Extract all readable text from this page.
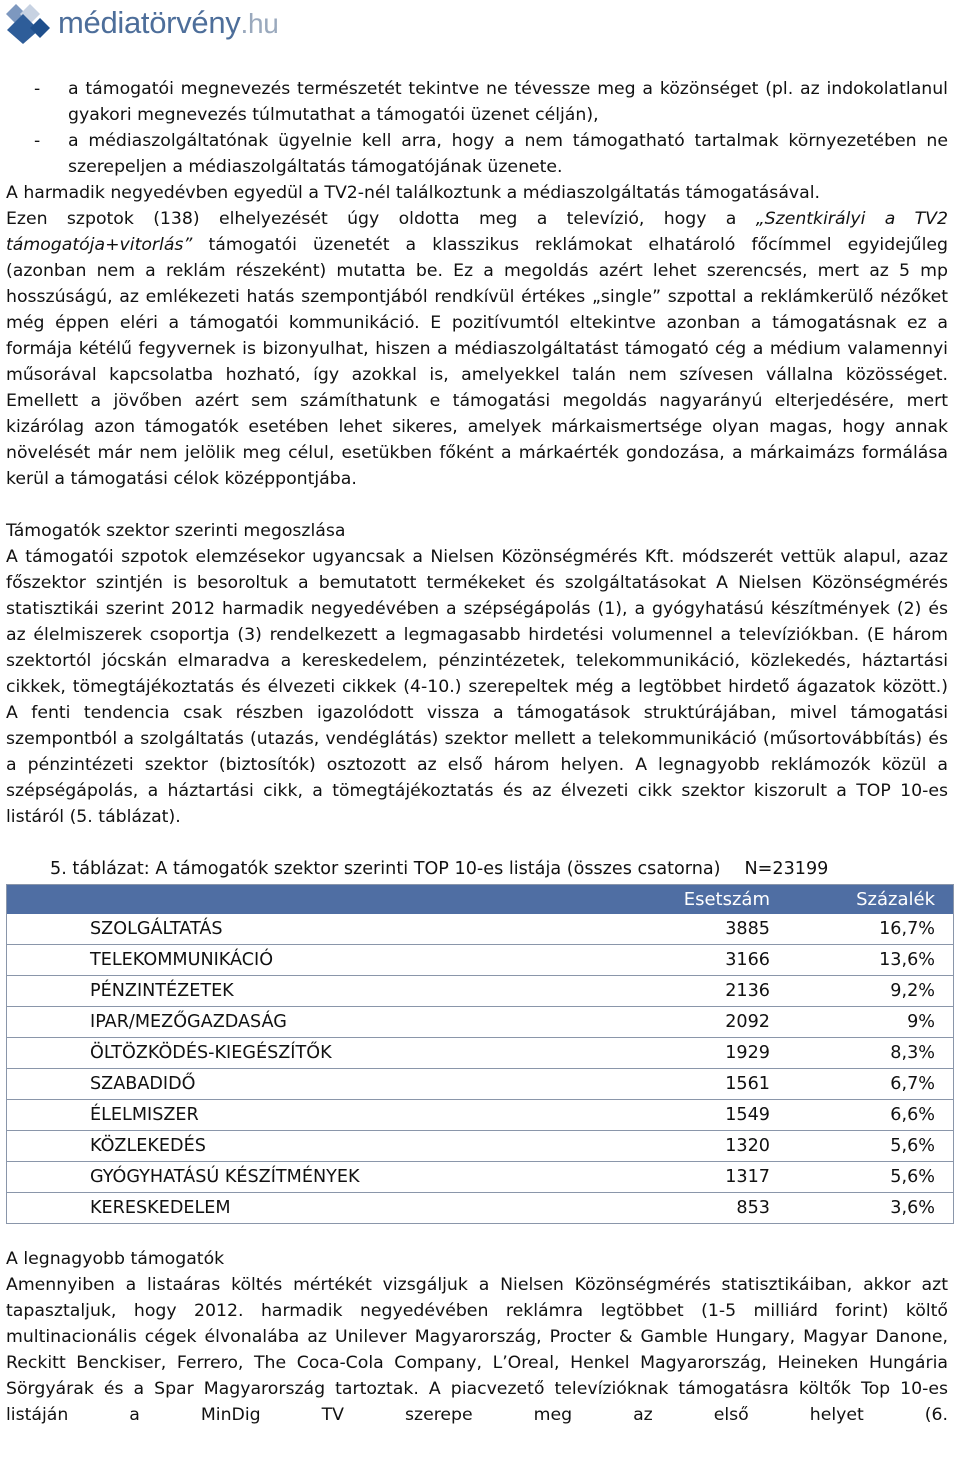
médiatörvény.hu
-	a támogatói megnevezés természetét tekintve ne tévessze meg a közönséget (pl. az indokolatlanul gyakori megnevezés túlmutathat a támogatói üzenet célján),
-	a médiaszolgáltatónak ügyelnie kell arra, hogy a nem támogatható tartalmak környezetében ne szerepeljen a médiaszolgáltatás támogatójának üzenete.

A harmadik negyedévben egyedül a TV2-nél találkoztunk a médiaszolgáltatás támogatásával.

Ezen szpotok (138) elhelyezését úgy oldotta meg a televízió, hogy a „Szentkirályi a TV2 támogatója+vitorlás” támogatói üzenetét a klasszikus reklámokat elhatároló főcímmel egyidejűleg (azonban nem a reklám részeként) mutatta be. Ez a megoldás azért lehet szerencsés, mert az 5 mp hosszúságú, az emlékezeti hatás szempontjából rendkívül értékes „single” szpottal a reklámkerülő nézőket még éppen eléri a támogatói kommunikáció. E pozitívumtól eltekintve azonban a támogatásnak ez a formája kétélű fegyvernek is bizonyulhat, hiszen a médiaszolgáltatást támogató cég a médium valamennyi műsorával kapcsolatba hozható, így azokkal is, amelyekkel talán nem szívesen vállalna közösséget. Emellett a jövőben azért sem számíthatunk e támogatási megoldás nagyarányú elterjedésére, mert kizárólag azon támogatók esetében lehet sikeres, amelyek márkaismertsége olyan magas, hogy annak növelését már nem jelölik meg célul, esetükben főként a márkaérték gondozása, a márkaimázs formálása kerül a támogatási célok középpontjába.

Támogatók szektor szerinti megoszlása

A támogatói szpotok elemzésekor ugyancsak a Nielsen Közönségmérés Kft. módszerét vettük alapul, azaz főszektor szintjén is besoroltuk a bemutatott termékeket és szolgáltatásokat A Nielsen Közönségmérés statisztikái szerint 2012 harmadik negyedévében a szépségápolás (1), a gyógyhatású készítmények (2) és az élelmiszerek csoportja (3) rendelkezett a legmagasabb hirdetési volumennel a televíziókban. (E három szektortól jócskán elmaradva a kereskedelem, pénzintézetek, telekommunikáció, közlekedés, háztartási cikkek, tömegtájékoztatás és élvezeti cikkek (4-10.) szerepeltek még a legtöbbet hirdető ágazatok között.) A fenti tendencia csak részben igazolódott vissza a támogatások struktúrájában, mivel támogatási szempontból a szolgáltatás (utazás, vendéglátás) szektor mellett a telekommunikáció (műsortovábbítás) és a pénzintézeti szektor (biztosítók) osztozott az első három helyen. A legnagyobb reklámozók közül a szépségápolás, a háztartási cikk, a tömegtájékoztatás és az élvezeti cikk szektor kiszorult a TOP 10-es listáról (5. táblázat).

5. táblázat: A támogatók szektor szerinti TOP 10-es listája (összes csatorna) N=23199
	Esetszám	Százalék
SZOLGÁLTATÁS	3885	16,7%
TELEKOMMUNIKÁCIÓ	3166	13,6%
PÉNZINTÉZETEK	2136	9,2%
IPAR/MEZŐGAZDASÁG	2092	9%
ÖLTÖZKÖDÉS-KIEGÉSZÍTŐK	1929	8,3%
SZABADIDŐ	1561	6,7%
ÉLELMISZER	1549	6,6%
KÖZLEKEDÉS	1320	5,6%
GYÓGYHATÁSÚ KÉSZÍTMÉNYEK	1317	5,6%
KERESKEDELEM	853	3,6%

A legnagyobb támogatók

Amennyiben a listaáras költés mértékét vizsgáljuk a Nielsen Közönségmérés statisztikáiban, akkor azt tapasztaljuk, hogy 2012. harmadik negyedévében reklámra legtöbbet (1-5 milliárd forint) költő multinacionális cégek élvonalába az Unilever Magyarország, Procter & Gamble Hungary, Magyar Danone, Reckitt Benckiser, Ferrero, The Coca-Cola Company, L’Oreal, Henkel Magyarország, Heineken Hungária Sörgyárak és a Spar Magyarország tartoztak. A piacvezető televízióknak támogatásra költők Top 10-es listáján a MinDig TV szerepe meg az első helyet (6.
